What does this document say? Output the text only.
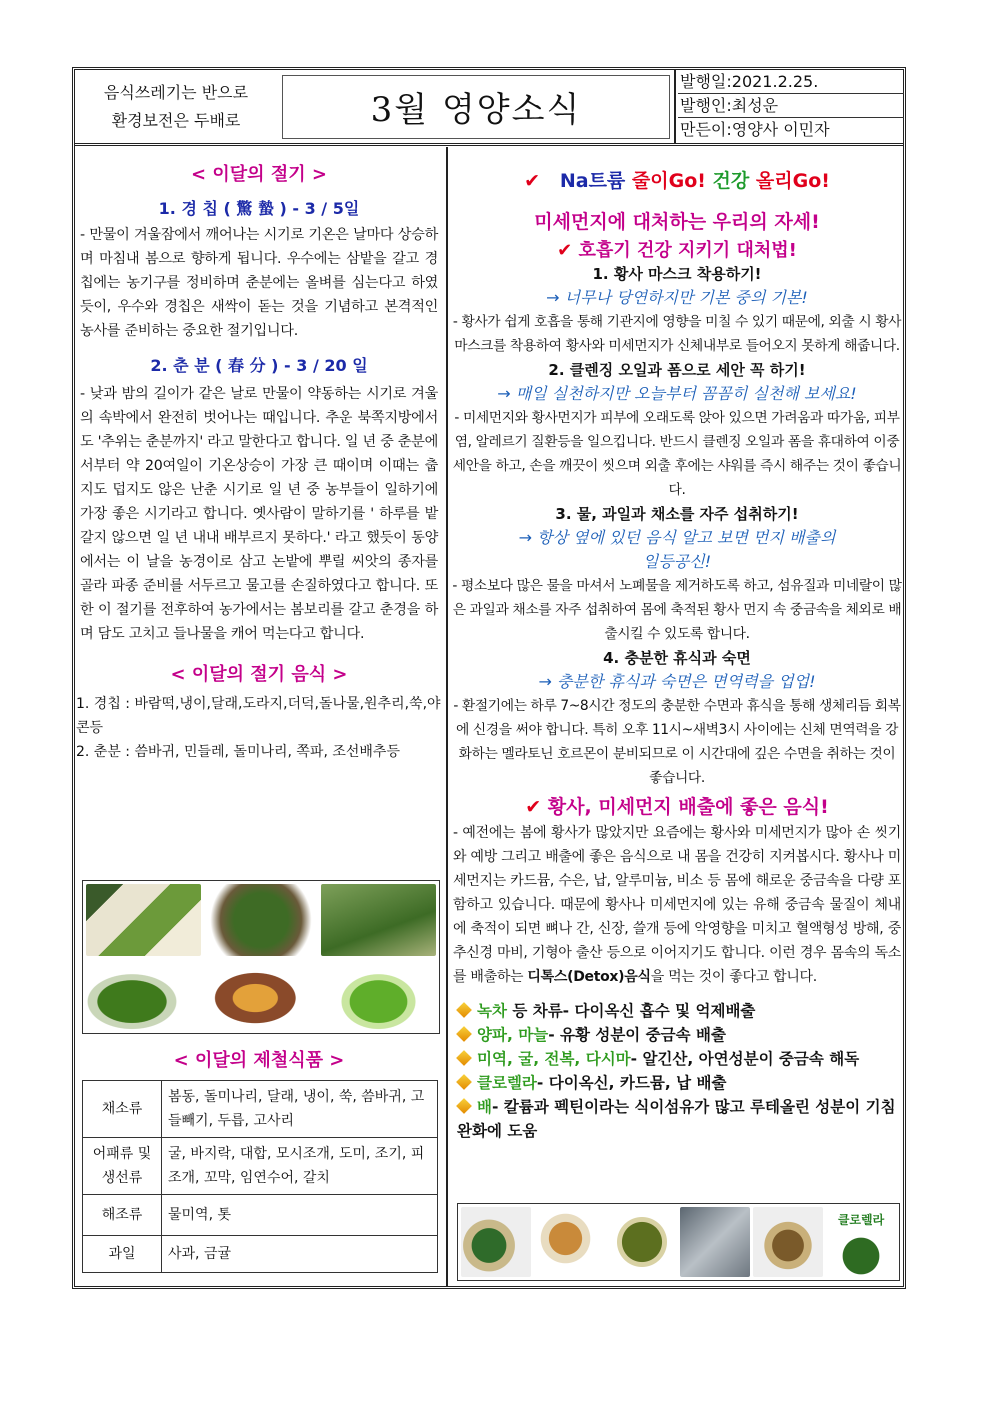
음식쓰레기는 반으로
환경보전은 두배로	3월 영양소식
발행일:2021.2.25.
발행인:최성운
만든이:영양사 이민자
< 이달의 절기 >
1. 경 칩 ( 驚 蟄 ) - 3 / 5일
- 만물이 겨울잠에서 깨어나는 시기로 기온은 날마다 상승하며 마침내 봄으로 향하게 됩니다. 우수에는 삼밭을 갈고 경칩에는 농기구를 정비하며 춘분에는 올벼를 심는다고 하였듯이, 우수와 경칩은 새싹이 돋는 것을 기념하고 본격적인 농사를 준비하는 중요한 절기입니다.
2. 춘 분 ( 春 分 ) - 3 / 20 일
- 낮과 밤의 길이가 같은 날로 만물이 약동하는 시기로 겨울의 속박에서 완전히 벗어나는 때입니다. 추운 북쪽지방에서도 '추위는 춘분까지' 라고 말한다고 합니다. 일 년 중 춘분에서부터 약 20여일이 기온상승이 가장 큰 때이며 이때는 춥지도 덥지도 않은 난춘 시기로 일 년 중 농부들이 일하기에 가장 좋은 시기라고 합니다. 옛사람이 말하기를 ' 하루를 밭 갈지 않으면 일 년 내내 배부르지 못하다.' 라고 했듯이 동양에서는 이 날을 농경이로 삼고 논밭에 뿌릴 씨앗의 종자를 골라 파종 준비를 서두르고 물고를 손질하였다고 합니다. 또한 이 절기를 전후하여 농가에서는 봄보리를 갈고 춘경을 하며 담도 고치고 들나물을 캐어 먹는다고 합니다.
< 이달의 절기 음식 >
1. 경칩 : 바람떡,냉이,달래,도라지,더덕,돌나물,원추리,쑥,야콘등
2. 춘분 : 씀바귀, 민들레, 돌미나리, 쪽파, 조선배추등
< 이달의 제철식품 >
채소류	봄동, 돌미나리, 달래, 냉이, 쑥, 씀바귀, 고들빼기, 두릅, 고사리
어패류 및 생선류	굴, 바지락, 대합, 모시조개, 도미, 조기, 피조개, 꼬막, 임연수어, 갈치
해조류	물미역, 톳
과일	사과, 금귤
✔ Na트륨 줄이Go! 건강 올리Go!
미세먼지에 대처하는 우리의 자세!
✔ 호흡기 건강 지키기 대처법!
1. 황사 마스크 착용하기!
→ 너무나 당연하지만 기본 중의 기본!
- 황사가 쉽게 호흡을 통해 기관지에 영향을 미칠 수 있기 때문에, 외출 시 황사 마스크를 착용하여 황사와 미세먼지가 신체내부로 들어오지 못하게 해줍니다.
2. 클렌징 오일과 폼으로 세안 꼭 하기!
→ 매일 실천하지만 오늘부터 꼼꼼히 실천해 보세요!
- 미세먼지와 황사먼지가 피부에 오래도록 앉아 있으면 가려움과 따가움, 피부염, 알레르기 질환등을 일으킵니다. 반드시 클렌징 오일과 폼을 휴대하여 이중 세안을 하고, 손을 깨끗이 씻으며 외출 후에는 샤워를 즉시 해주는 것이 좋습니다.
3. 물, 과일과 채소를 자주 섭취하기!
→ 항상 옆에 있던 음식 알고 보면 먼지 배출의 일등공신!
- 평소보다 많은 물을 마셔서 노폐물을 제거하도록 하고, 섬유질과 미네랄이 많은 과일과 채소를 자주 섭취하여 몸에 축적된 황사 먼지 속 중금속을 체외로 배출시킬 수 있도록 합니다.
4. 충분한 휴식과 숙면
→ 충분한 휴식과 숙면은 면역력을 업업!
- 환절기에는 하루 7~8시간 정도의 충분한 수면과 휴식을 통해 생체리듬 회복에 신경을 써야 합니다. 특히 오후 11시~새벽3시 사이에는 신체 면역력을 강화하는 멜라토닌 호르몬이 분비되므로 이 시간대에 깊은 수면을 취하는 것이 좋습니다.
✔ 황사, 미세먼지 배출에 좋은 음식!
- 예전에는 봄에 황사가 많았지만 요즘에는 황사와 미세먼지가 많아 손 씻기와 예방 그리고 배출에 좋은 음식으로 내 몸을 건강히 지켜봅시다. 황사나 미세먼지는 카드뮴, 수은, 납, 알루미늄, 비소 등 몸에 해로운 중금속을 다량 포함하고 있습니다. 때문에 황사나 미세먼지에 있는 유해 중금속 물질이 체내에 축적이 되면 뼈나 간, 신장, 쓸개 등에 악영향을 미치고 혈액형성 방해, 중추신경 마비, 기형아 출산 등으로 이어지기도 합니다. 이런 경우 몸속의 독소를 배출하는 디톡스(Detox)음식을 먹는 것이 좋다고 합니다.
녹차 등 차류- 다이옥신 흡수 및 억제배출
양파, 마늘- 유황 성분이 중금속 배출
미역, 굴, 전복, 다시마- 알긴산, 아연성분이 중금속 해독
클로렐라- 다이옥신, 카드뮴, 납 배출
배- 칼륨과 펙틴이라는 식이섬유가 많고 루테올린 성분이 기침 완화에 도움
클로렐라
